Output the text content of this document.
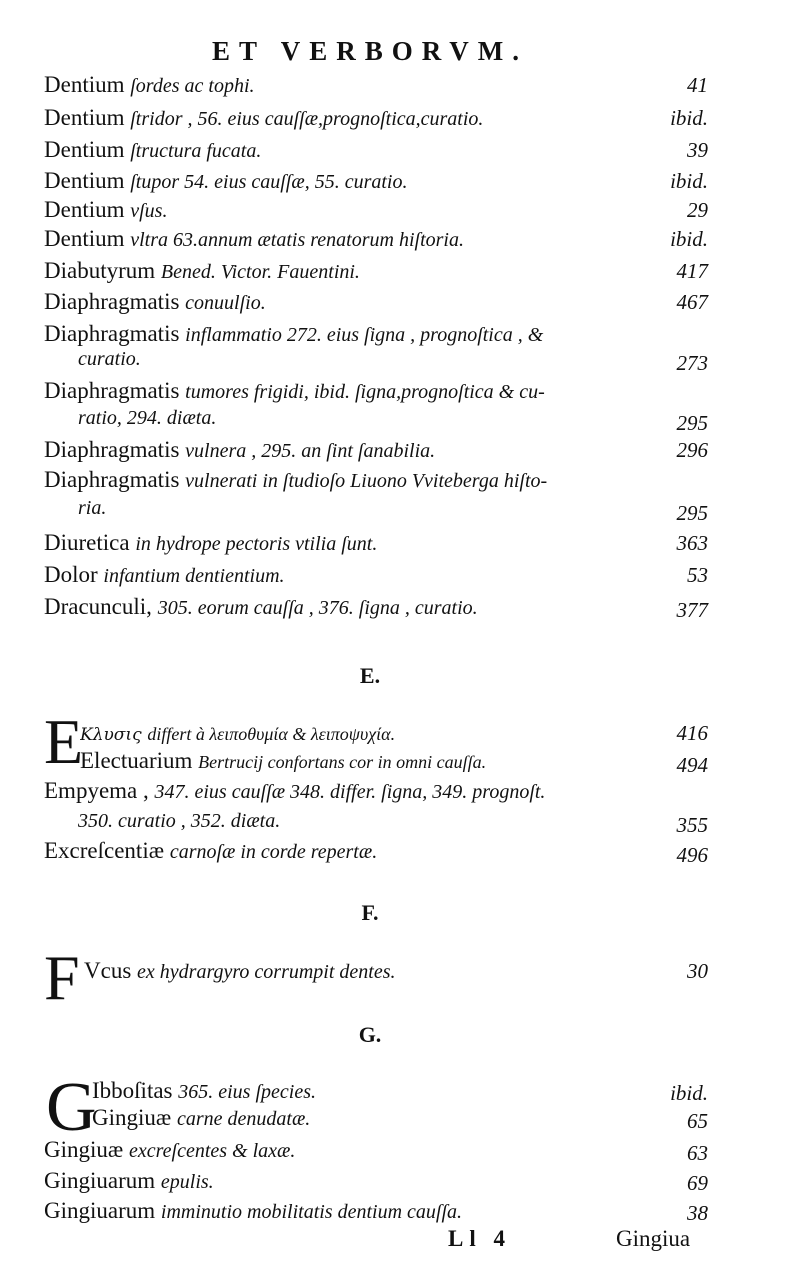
ET VERBORVM.
Dentium ſordes ac tophi.	41
Dentium ſtridor , 56. eius cauſſæ,prognoſtica,curatio.	ibid.
Dentium ſtructura fucata.	39
Dentium ſtupor 54. eius cauſſæ, 55. curatio.	ibid.
Dentium vſus.	29
Dentium vltra 63.annum ætatis renatorum hiſtoria.	ibid.
Diabutyrum Bened. Victor. Fauentini.	417
Diaphragmatis conuulſio.	467
Diaphragmatis inflammatio 272. eius ſigna , prognoſtica , &
curatio.	273
Diaphragmatis tumores frigidi, ibid. ſigna,prognoſtica & cu-
ratio, 294. diæta.	295
Diaphragmatis vulnera , 295. an ſint ſanabilia.	296
Diaphragmatis vulnerati in ſtudioſo Liuono Vviteberga hiſto-
ria.	295
Diuretica in hydrope pectoris vtilia ſunt.	363
Dolor infantium dentientium.	53
Dracunculi, 305. eorum cauſſa , 376. ſigna , curatio.	377
E.
E
Κλυσις differt à λειποθυμία & λειποψυχία.	416
Electuarium Bertrucij confortans cor in omni cauſſa.	494
Empyema , 347. eius cauſſæ 348. differ. ſigna, 349. prognoſt.
350. curatio , 352. diæta.	355
Excreſcentiæ carnoſæ in corde repertæ.	496
F.
F Vcus ex hydrargyro corrumpit dentes.	30
G.
G
Ibboſitas 365. eius ſpecies.	ibid.
Gingiuæ carne denudatæ.	65
Gingiuæ excreſcentes & laxæ.	63
Gingiuarum epulis.	69
Gingiuarum imminutio mobilitatis dentium cauſſa.	38
Ll 4	Gingiua
